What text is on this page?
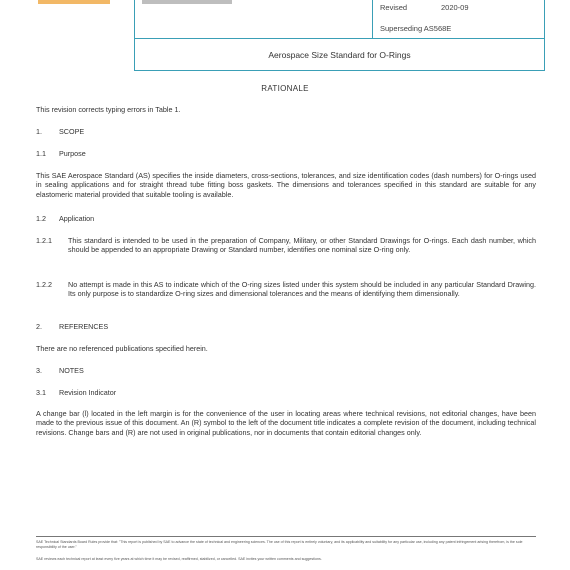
Revised	2020-09
Superseding AS568E
Aerospace Size Standard for O-Rings
RATIONALE

This revision corrects typing errors in Table 1.

1. SCOPE
1.1 Purpose

This SAE Aerospace Standard (AS) specifies the inside diameters, cross-sections, tolerances, and size identification codes (dash numbers) for O-rings used in sealing applications and for straight thread tube fitting boss gaskets. The dimensions and tolerances specified in this standard are suitable for any elastomeric material provided that suitable tooling is available.

1.2 Application
1.2.1 This standard is intended to be used in the preparation of Company, Military, or other Standard Drawings for O-rings. Each dash number, which should be appended to an appropriate Drawing or Standard number, identifies one nominal size O-ring only.

1.2.2 No attempt is made in this AS to indicate which of the O-ring sizes listed under this system should be included in any particular Standard Drawing. Its only purpose is to standardize O-ring sizes and dimensional tolerances and the means of identifying them dimensionally.

2. REFERENCES

There are no referenced publications specified herein.

3. NOTES
3.1 Revision Indicator

A change bar (l) located in the left margin is for the convenience of the user in locating areas where technical revisions, not editorial changes, have been made to the previous issue of this document. An (R) symbol to the left of the document title indicates a complete revision of the document, including technical revisions. Change bars and (R) are not used in original publications, nor in documents that contain editorial changes only.

SAE Technical Standards Board Rules provide that: "This report is published by SAE to advance the state of technical and engineering sciences. The use of this report is entirely voluntary, and its applicability and suitability for any particular use, including any patent infringement arising therefrom, is the sole responsibility of the user."

SAE reviews each technical report at least every five years at which time it may be revised, reaffirmed, stabilized, or cancelled. SAE invites your written comments and suggestions.
